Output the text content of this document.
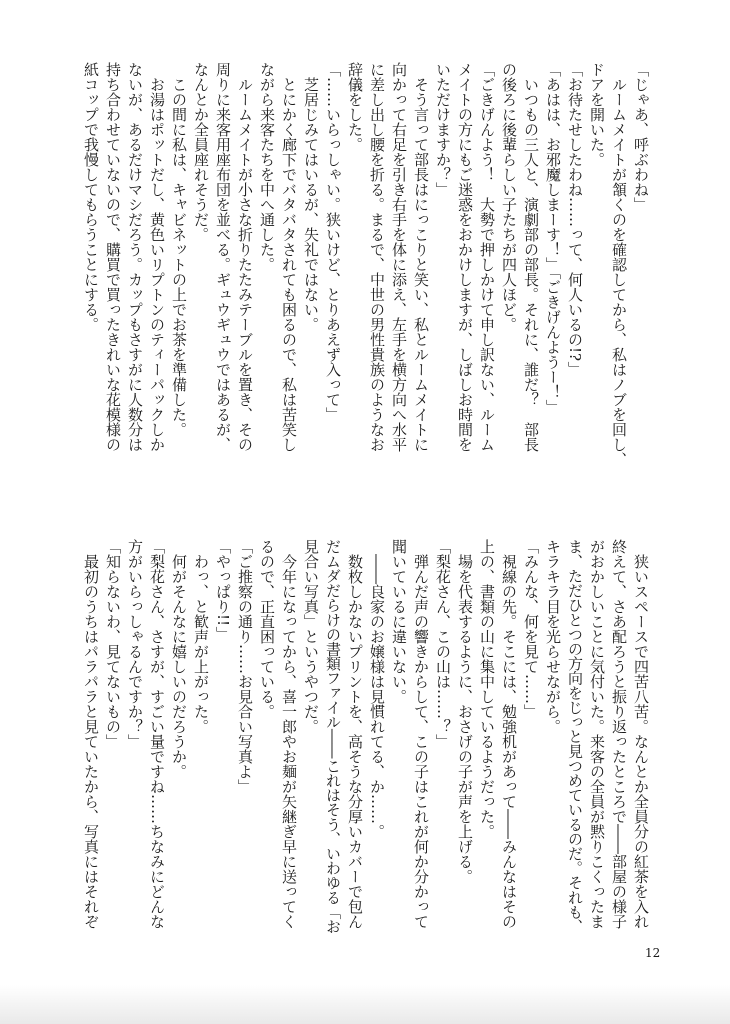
「じゃあ、呼ぶわね」
　ルームメイトが頷くのを確認してから、私はノブを回し、
ドアを開いた。
「お待たせしたわね……って、何人いるの!?」
「あはは、お邪魔しまーす！」「ごきげんようー！」
　いつもの三人と、演劇部の部長。それに、誰だ？　部長
の後ろに後輩らしい子たちが四人ほど。
「ごきげんよう！　大勢で押しかけて申し訳ない、ルーム
メイトの方にもご迷惑をおかけしますが、しばしお時間を
いただけますか？」
　そう言って部長はにっこりと笑い、私とルームメイトに
向かって右足を引き右手を体に添え、左手を横方向へ水平
に差し出し腰を折る。まるで、中世の男性貴族のようなお
辞儀をした。
「……いらっしゃい。狭いけど、とりあえず入って」
　芝居じみてはいるが、失礼ではない。
　とにかく廊下でバタバタされても困るので、私は苦笑し
ながら来客たちを中へ通した。
　ルームメイトが小さな折りたたみテーブルを置き、その
周りに来客用座布団を並べる。ギュウギュウではあるが、
なんとか全員座れそうだ。
　この間に私は、キャビネットの上でお茶を準備した。
　お湯はポットだし、黄色いリプトンのティーパックしか
ないが、あるだけマシだろう。カップもさすがに人数分は
持ち合わせていないので、購買で買ったきれいな花模様の
紙コップで我慢してもらうことにする。
　狭いスペースで四苦八苦。なんとか全員分の紅茶を入れ
終えて、さあ配ろうと振り返ったところで――部屋の様子
がおかしいことに気付いた。来客の全員が黙りこくったま
ま、ただひとつの方向をじっと見つめているのだ。それも、
キラキラ目を光らせながら。
「みんな、何を見て……」
　視線の先。そこには、勉強机があって――みんなはその
上の、書類の山に集中しているようだった。
　場を代表するように、おさげの子が声を上げる。
「梨花さん、この山は……？」
　弾んだ声の響きからして、この子はこれが何か分かって
聞いているに違いない。
　――良家のお嬢様は見慣れてる、か……。
　数枚しかないプリントを、高そうな分厚いカバーで包ん
だムダだらけの書類ファイル――これはそう、いわゆる「お
見合い写真」というやつだ。
　今年になってから、喜一郎やお麺が矢継ぎ早に送ってく
るので、正直困っている。
「ご推察の通り……お見合い写真よ」
「やっぱり!!」
　わっ、と歓声が上がった。
　何がそんなに嬉しいのだろうか。
「梨花さん、さすが、すごい量ですね……ちなみにどんな
方がいらっしゃるんですか？」
「知らないわ、見てないもの」
　最初のうちはパラパラと見ていたから、写真にはそれぞ
12
